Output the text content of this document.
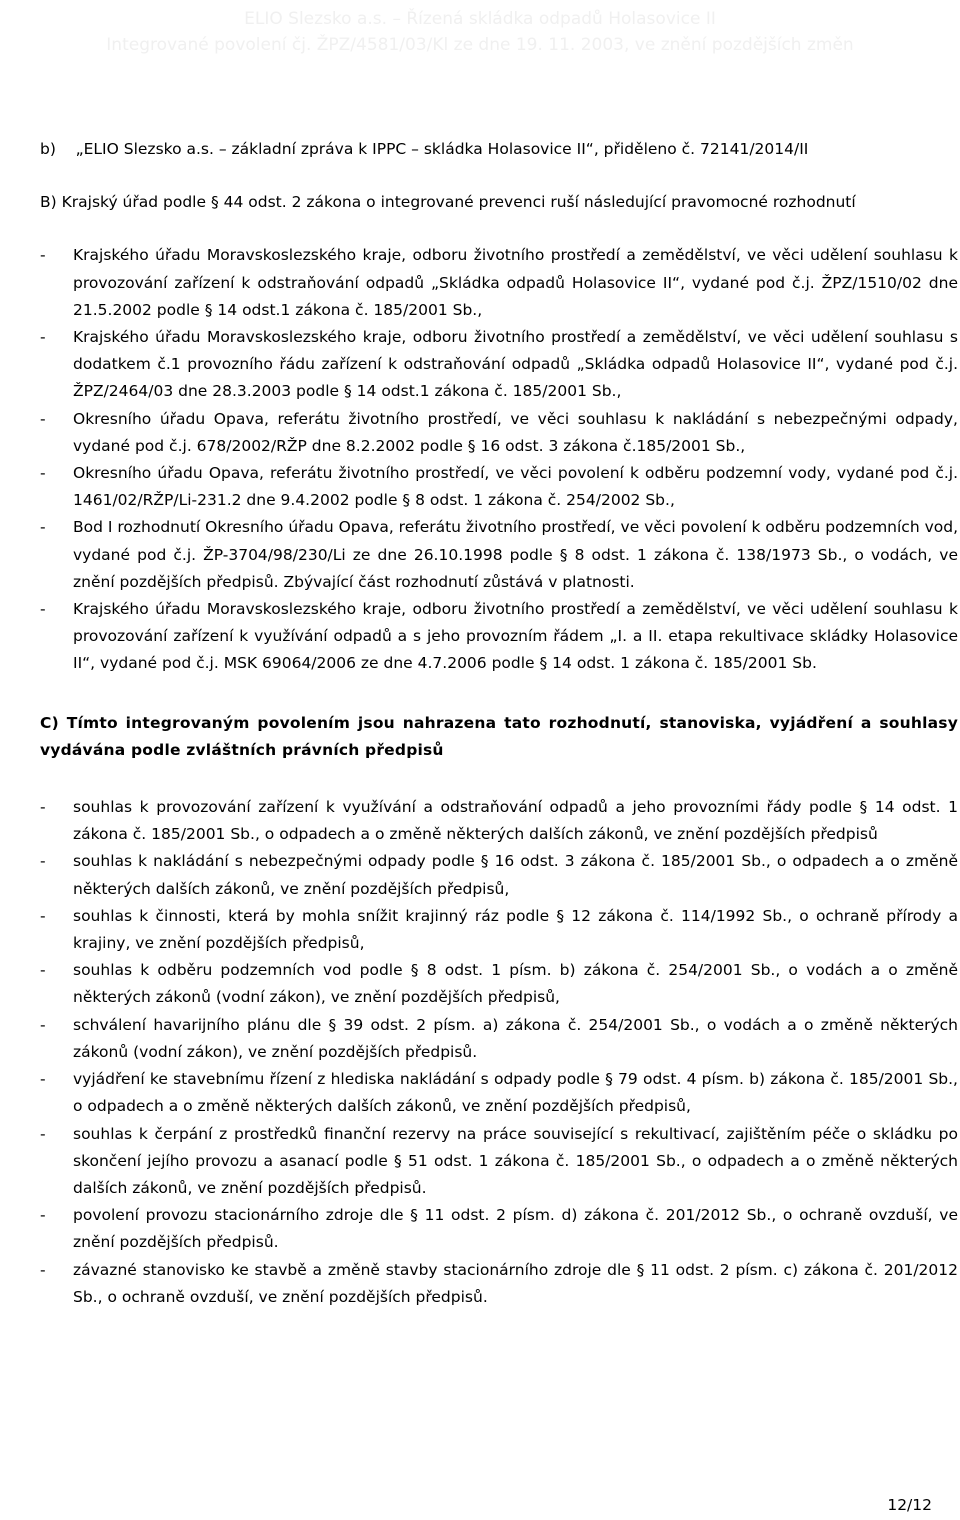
ELIO Slezsko a.s. – Řízená skládka odpadů Holasovice II
Integrované povolení čj. ŽPZ/4581/03/Kl ze dne 19. 11. 2003, ve znění pozdějších změn

b)    „ELIO Slezsko a.s. – základní zpráva k IPPC – skládka Holasovice II“, přiděleno č. 72141/2014/II

B) Krajský úřad podle § 44 odst. 2 zákona o integrované prevenci ruší následující pravomocné rozhodnutí

- Krajského úřadu Moravskoslezského kraje, odboru životního prostředí a zemědělství, ve věci udělení souhlasu k provozování zařízení k odstraňování odpadů „Skládka odpadů Holasovice II“, vydané pod č.j. ŽPZ/1510/02 dne 21.5.2002 podle § 14 odst.1 zákona č. 185/2001 Sb.,
- Krajského úřadu Moravskoslezského kraje, odboru životního prostředí a zemědělství, ve věci udělení souhlasu s dodatkem č.1 provozního řádu zařízení k odstraňování odpadů „Skládka odpadů Holasovice II“, vydané pod č.j. ŽPZ/2464/03 dne 28.3.2003 podle § 14 odst.1 zákona č. 185/2001 Sb.,
- Okresního úřadu Opava, referátu životního prostředí, ve věci souhlasu k nakládání s nebezpečnými odpady, vydané pod č.j. 678/2002/RŽP dne 8.2.2002 podle § 16 odst. 3 zákona č.185/2001 Sb.,
- Okresního úřadu Opava, referátu životního prostředí, ve věci povolení k odběru podzemní vody, vydané pod č.j. 1461/02/RŽP/Li-231.2 dne 9.4.2002 podle § 8 odst. 1 zákona č. 254/2002 Sb.,
- Bod I rozhodnutí Okresního úřadu Opava, referátu životního prostředí, ve věci povolení k odběru podzemních vod, vydané pod č.j. ŽP-3704/98/230/Li ze dne 26.10.1998 podle § 8 odst. 1 zákona č. 138/1973 Sb., o vodách, ve znění pozdějších předpisů. Zbývající část rozhodnutí zůstává v platnosti.
- Krajského úřadu Moravskoslezského kraje, odboru životního prostředí a zemědělství, ve věci udělení souhlasu k provozování zařízení k využívání odpadů a s jeho provozním řádem „I. a II. etapa rekultivace skládky Holasovice II“, vydané pod č.j. MSK 69064/2006 ze dne 4.7.2006 podle § 14 odst. 1 zákona č. 185/2001 Sb.

C) Tímto integrovaným povolením jsou nahrazena tato rozhodnutí, stanoviska, vyjádření a souhlasy vydávána podle zvláštních právních předpisů

- souhlas k provozování zařízení k využívání a odstraňování odpadů a jeho provozními řády podle § 14 odst. 1 zákona č. 185/2001 Sb., o odpadech a o změně některých dalších zákonů, ve znění pozdějších předpisů
- souhlas k nakládání s nebezpečnými odpady podle § 16 odst. 3 zákona č. 185/2001 Sb., o odpadech a o změně některých dalších zákonů, ve znění pozdějších předpisů,
- souhlas k činnosti, která by mohla snížit krajinný ráz podle § 12 zákona č. 114/1992 Sb., o ochraně přírody a krajiny, ve znění pozdějších předpisů,
- souhlas k odběru podzemních vod podle § 8 odst. 1 písm. b) zákona č. 254/2001 Sb., o vodách a o změně některých zákonů (vodní zákon), ve znění pozdějších předpisů,
- schválení havarijního plánu dle § 39 odst. 2 písm. a) zákona č. 254/2001 Sb., o vodách a o změně některých zákonů (vodní zákon), ve znění pozdějších předpisů.
- vyjádření ke stavebnímu řízení z hlediska nakládání s odpady podle § 79 odst. 4 písm. b) zákona č. 185/2001 Sb., o odpadech a o změně některých dalších zákonů, ve znění pozdějších předpisů,
- souhlas k čerpání z prostředků finanční rezervy na práce související s rekultivací, zajištěním péče o skládku po skončení jejího provozu a asanací podle § 51 odst. 1 zákona č. 185/2001 Sb., o odpadech a o změně některých dalších zákonů, ve znění pozdějších předpisů.
- povolení provozu stacionárního zdroje dle § 11 odst. 2 písm. d) zákona č. 201/2012 Sb., o ochraně ovzduší, ve znění pozdějších předpisů.
- závazné stanovisko ke stavbě a změně stavby stacionárního zdroje dle § 11 odst. 2 písm. c) zákona č. 201/2012 Sb., o ochraně ovzduší, ve znění pozdějších předpisů.
12/12
